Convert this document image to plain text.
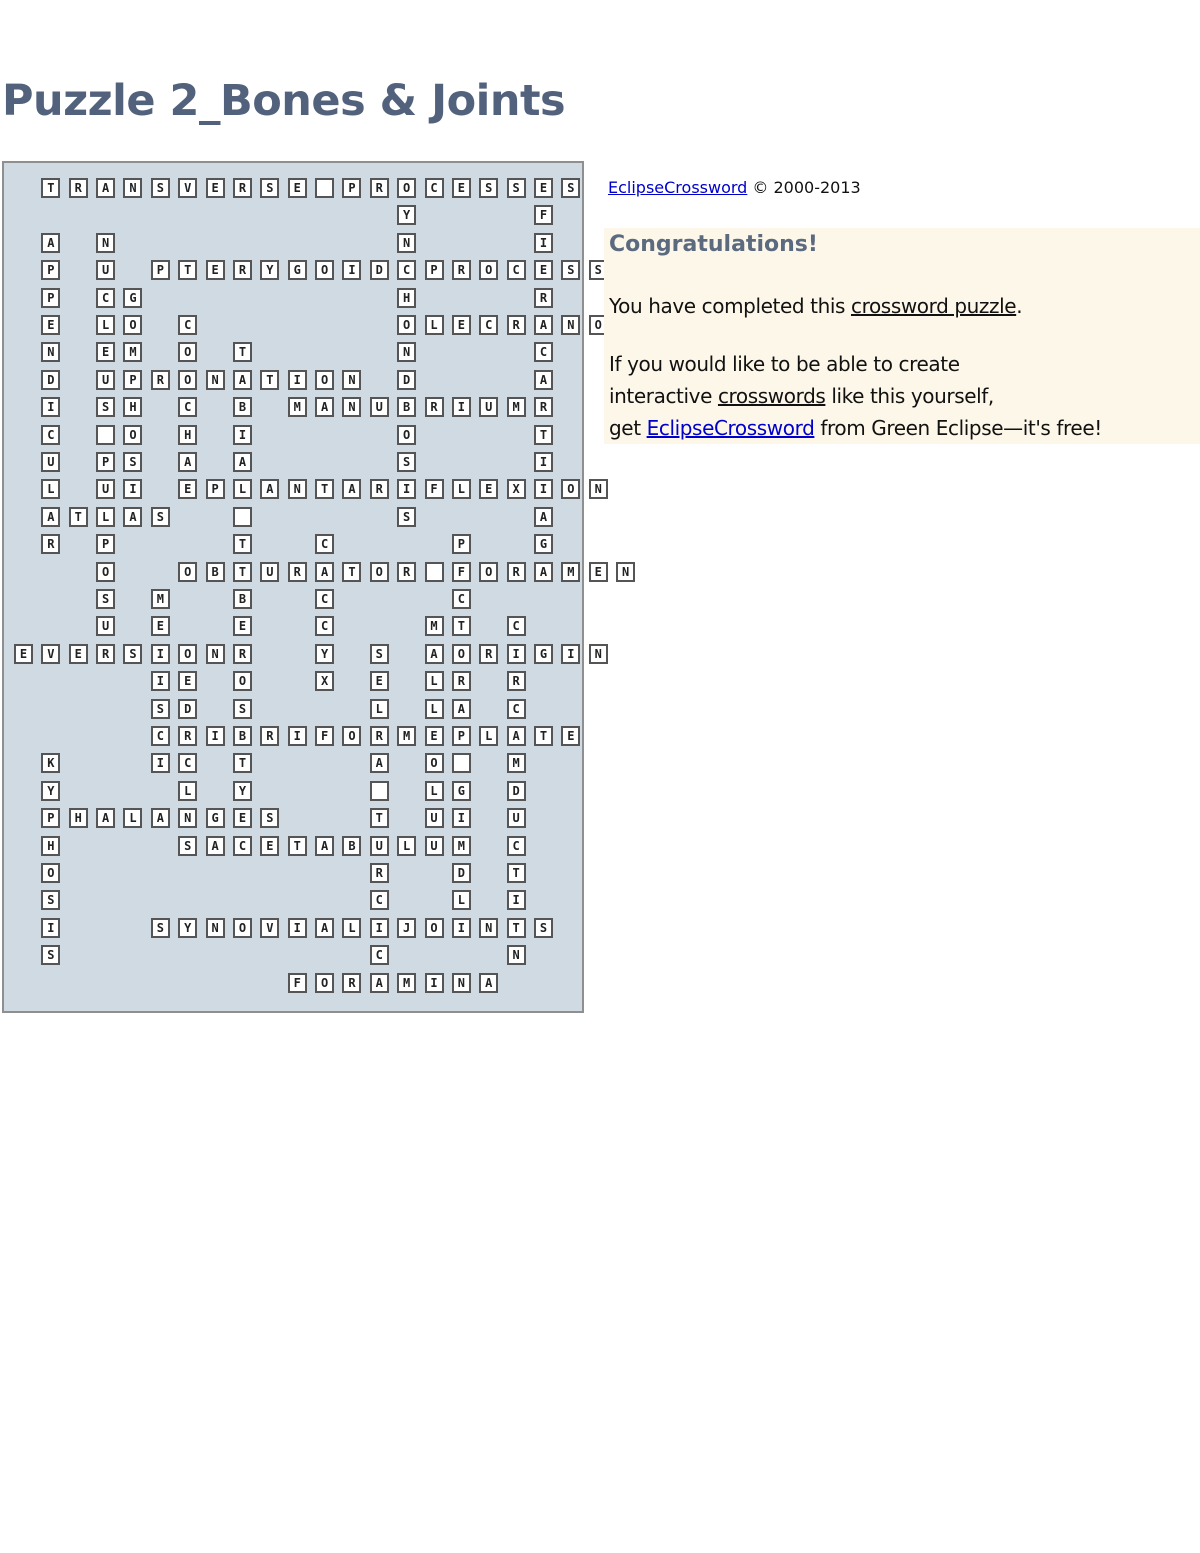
Puzzle 2_Bones & Joints
T	R	A	N	S	V	E	R	S	E	P	R	O	C	E	S	S	E	S
P	T	E	R	Y	G	O	I	D	C	P	R	O	C	E	S	S
O	L	E	C	R	A	N	O
P	R	O	N	A	T	I	O	N
M	A	N	U	B	R	I	U	M
P	L	A	N	T	A	R	I	F	L	E	X	I	O	N
A	T	L	A	S
O	B	T	U	R	A	T	O	R	F	O	R	A	M	E	N
E	V	E	R	S	I	O	N	O	R	I	G	I	N
C	R	I	B	R	I	F	O	R	M	E	P	L	A	T	E
P	H	A	L	A	N	G	E	S
A	C	E	T	A	B	U	L	U	M
S	Y	N	O	V	I	A	L	I	J	O	I	N	T	S
F	O	R	A	M	I	N	A
Y
N
H
N
D
O
S
S
F
I
R
C
A
R
T
I
A
G
A
P
P
E
N
D
I
C
U
L
R
N
U
C
L
E
U
S
P
U
P
O
S
U
G
O
M
H
O
S
I
C
O
C
H
A
E
T
B
I
A
T
B
E
R
O
S
T
Y
C
C
C
Y
X
P
C
T
R
A
G
I
D
L
M
E
I
S
I
M
A
L
L
O
L
U
C
R
C
M
D
U
C
T
I
N
E
D
C
L
S
S
E
L
A
T
R
C
C
K
Y
H
O
S
I
S
EclipseCrossword © 2000-2013
Congratulations!

You have completed this crossword puzzle.

If you would like to be able to create

interactive crosswords like this yourself,

get EclipseCrossword from Green Eclipse—it's free!
